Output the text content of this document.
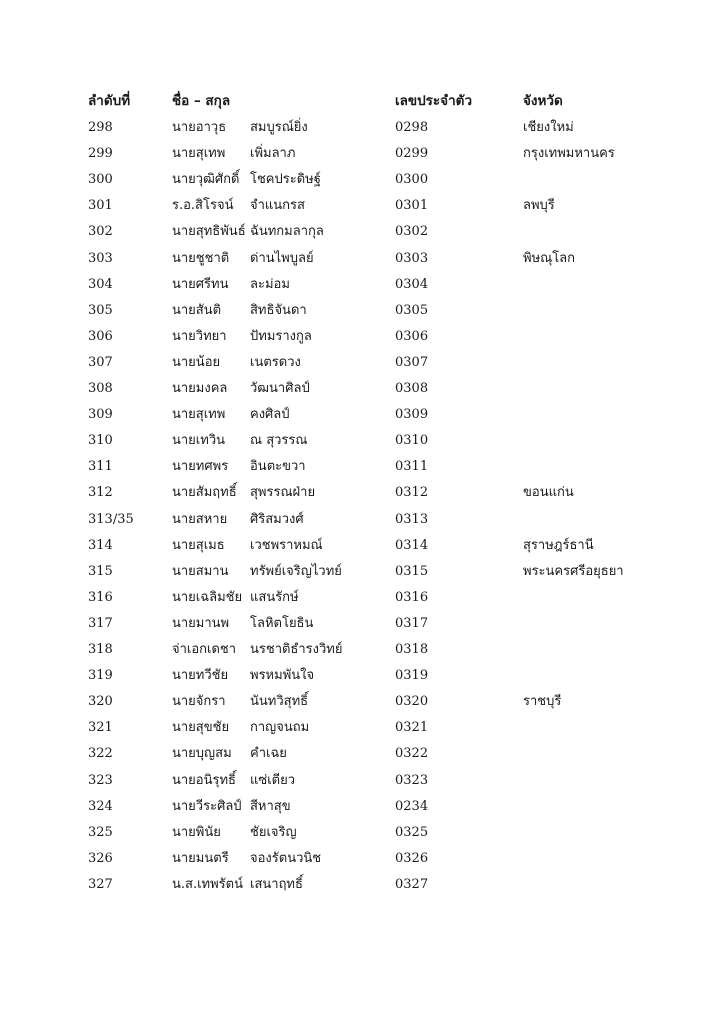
ลำดับที่	ชื่อ – สกุล	เลขประจำตัว	จังหวัด
298	นายอาวุธ สมบูรณ์ยิ่ง	0298	เชียงใหม่
299	นายสุเทพ เพิ่มลาภ	0299	กรุงเทพมหานคร
300	นายวุฒิศักดิ์ โชคประดิษฐ์	0300
301	ร.อ.สิโรจน์ จำแนกรส	0301	ลพบุรี
302	นายสุทธิพันธ์ ฉันทกมลากุล	0302
303	นายชูชาติ ด่านไพบูลย์	0303	พิษณุโลก
304	นายศรีทน ละม่อม	0304
305	นายสันติ สิทธิจันดา	0305
306	นายวิทยา ปัทมรางกูล	0306
307	นายน้อย เนตรดวง	0307
308	นายมงคล วัฒนาศิลป์	0308
309	นายสุเทพ คงศิลป์	0309
310	นายเทวิน ณ สุวรรณ	0310
311	นายทศพร อินตะขวา	0311
312	นายสัมฤทธิ์ สุพรรณฝ่าย	0312	ขอนแก่น
313/35	นายสหาย ศิริสมวงศ์	0313
314	นายสุเมธ เวชพราหมณ์	0314	สุราษฎร์ธานี
315	นายสมาน ทรัพย์เจริญไวทย์	0315	พระนครศรีอยุธยา
316	นายเฉลิมชัย แสนรักษ์	0316
317	นายมานพ โลหิตโยธิน	0317
318	จ่าเอกเดชา นรชาติธำรงวิทย์	0318
319	นายทวีชัย พรหมพันใจ	0319
320	นายจักรา นันทวิสุทธิ์	0320	ราชบุรี
321	นายสุขชัย กาญจนถม	0321
322	นายบุญสม คำเฉย	0322
323	นายอนิรุทธิ์ แซ่เตียว	0323
324	นายวีระศิลป์ สีหาสุข	0234
325	นายพินัย ชัยเจริญ	0325
326	นายมนตรี จองรัตนวนิช	0326
327	น.ส.เทพรัตน์ เสนาฤทธิ์	0327
